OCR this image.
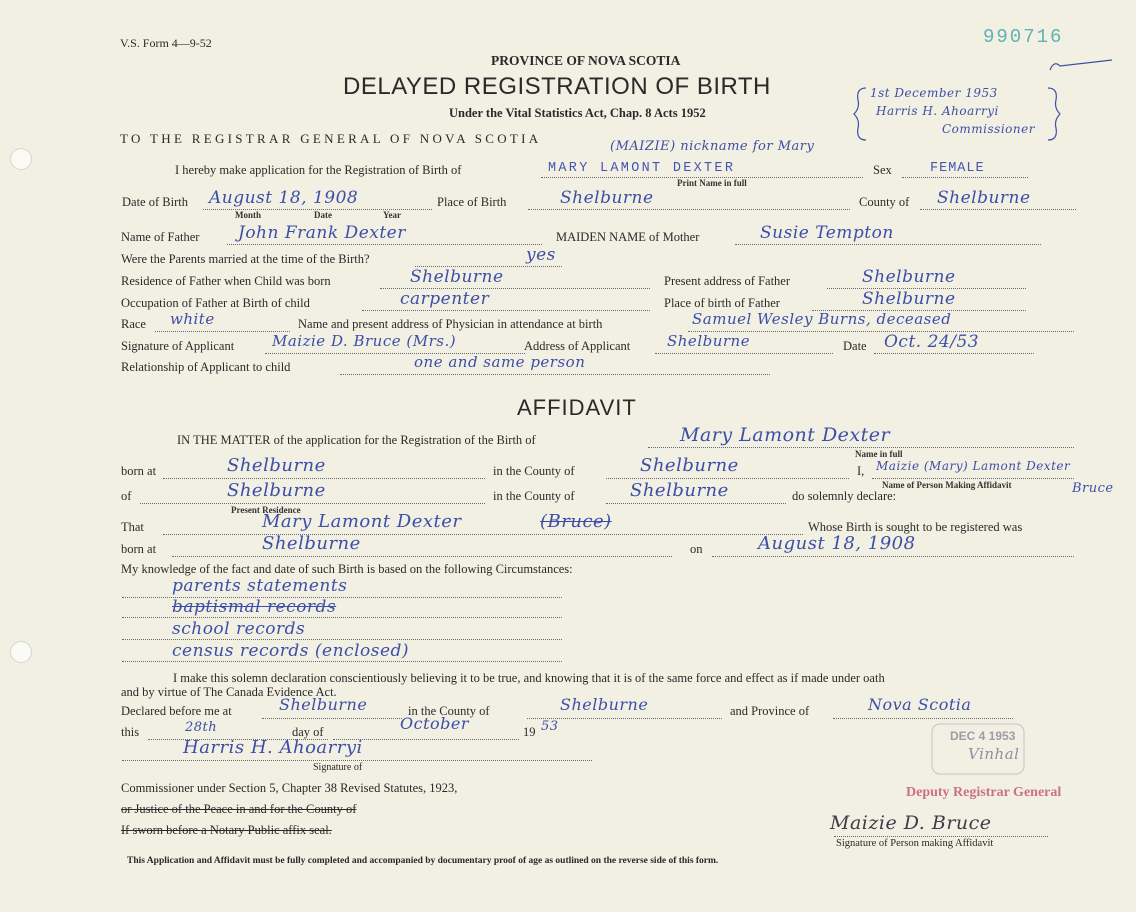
V.S. Form 4—9-52	990716
PROVINCE OF NOVA SCOTIA
DELAYED REGISTRATION OF BIRTH
Under the Vital Statistics Act, Chap. 8 Acts 1952
TO THE REGISTRAR GENERAL OF NOVA SCOTIA
1st December 1953
Harris H. Ahoarryi
Commissioner
I hereby make application for the Registration of Birth of	MARY LAMONT DEXTER
(MAIZIE) nickname for Mary
Print Name in full
Sex	FEMALE
Date of Birth August 18, 1908
Month	Date	Year
Place of Birth	Shelburne	County of Shelburne
Name of Father John Frank Dexter	MAIDEN NAME of Mother	Susie Tempton
Were the Parents married at the time of the Birth?	yes
Residence of Father when Child was born	Shelburne	Present address of Father	Shelburne
Occupation of Father at Birth of child	carpenter	Place of birth of Father	Shelburne
Race white	Name and present address of Physician in attendance at birth	Samuel Wesley Burns, deceased
Signature of Applicant	Maizie D. Bruce (Mrs.)	Address of Applicant Shelburne	Date Oct. 24/53
Relationship of Applicant to child	one and same person
AFFIDAVIT
IN THE MATTER of the application for the Registration of the Birth of	Mary Lamont Dexter
Name in full
born at	Shelburne	in the County of	Shelburne	I, Maizie (Mary) Lamont Dexter
Bruce
Name of Person Making Affidavit
of	Shelburne	in the County of	Shelburne	do solemnly declare:
Present Residence
That	Mary Lamont Dexter	(Bruce)	Whose Birth is sought to be registered was
born at	Shelburne	on	August 18, 1908
My knowledge of the fact and date of such Birth is based on the following Circumstances:
parents statements
baptismal records
school records
census records (enclosed)
I make this solemn declaration conscientiously believing it to be true, and knowing that it is of the same force and effect as if made under oath
and by virtue of The Canada Evidence Act.
Declared before me at	Shelburne	in the County of	Shelburne	and Province of	Nova Scotia
this	28th	day of	October	19 53
Harris H. Ahoarryi
Signature of
Commissioner under Section 5, Chapter 38 Revised Statutes, 1923,
or Justice of the Peace in and for the County of
If sworn before a Notary Public affix seal.
DEC 4 1953
Vinhal
Deputy Registrar General
Maizie D. Bruce
Signature of Person making Affidavit
This Application and Affidavit must be fully completed and accompanied by documentary proof of age as outlined on the reverse side of this form.
